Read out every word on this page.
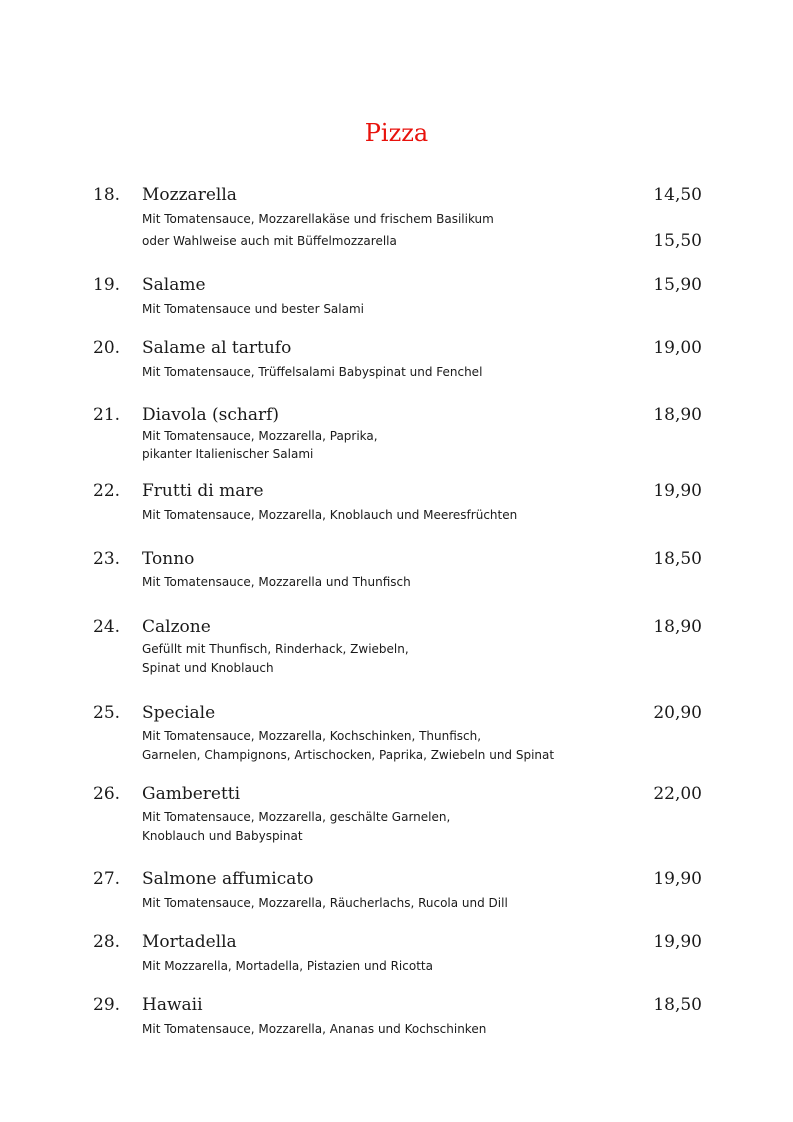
Pizza
18.	Mozzarella	14,50
Mit Tomatensauce, Mozzarellakäse und frischem Basilikum
oder Wahlweise auch mit Büffelmozzarella	15,50
19.	Salame	15,90
Mit Tomatensauce und bester Salami
20.	Salame al tartufo	19,00
Mit Tomatensauce, Trüffelsalami Babyspinat und Fenchel
21.	Diavola (scharf)	18,90
Mit Tomatensauce, Mozzarella, Paprika,
pikanter Italienischer Salami
22.	Frutti di mare	19,90
Mit Tomatensauce, Mozzarella, Knoblauch und Meeresfrüchten
23.	Tonno	18,50
Mit Tomatensauce, Mozzarella und Thunfisch
24.	Calzone	18,90
Gefüllt mit Thunfisch, Rinderhack, Zwiebeln,
Spinat und Knoblauch
25.	Speciale	20,90
Mit Tomatensauce, Mozzarella, Kochschinken, Thunfisch,
Garnelen, Champignons, Artischocken, Paprika, Zwiebeln und Spinat
26.	Gamberetti	22,00
Mit Tomatensauce, Mozzarella, geschälte Garnelen,
Knoblauch und Babyspinat
27.	Salmone affumicato	19,90
Mit Tomatensauce, Mozzarella, Räucherlachs, Rucola und Dill
28.	Mortadella	19,90
Mit Mozzarella, Mortadella, Pistazien und Ricotta
29.	Hawaii	18,50
Mit Tomatensauce, Mozzarella, Ananas und Kochschinken
